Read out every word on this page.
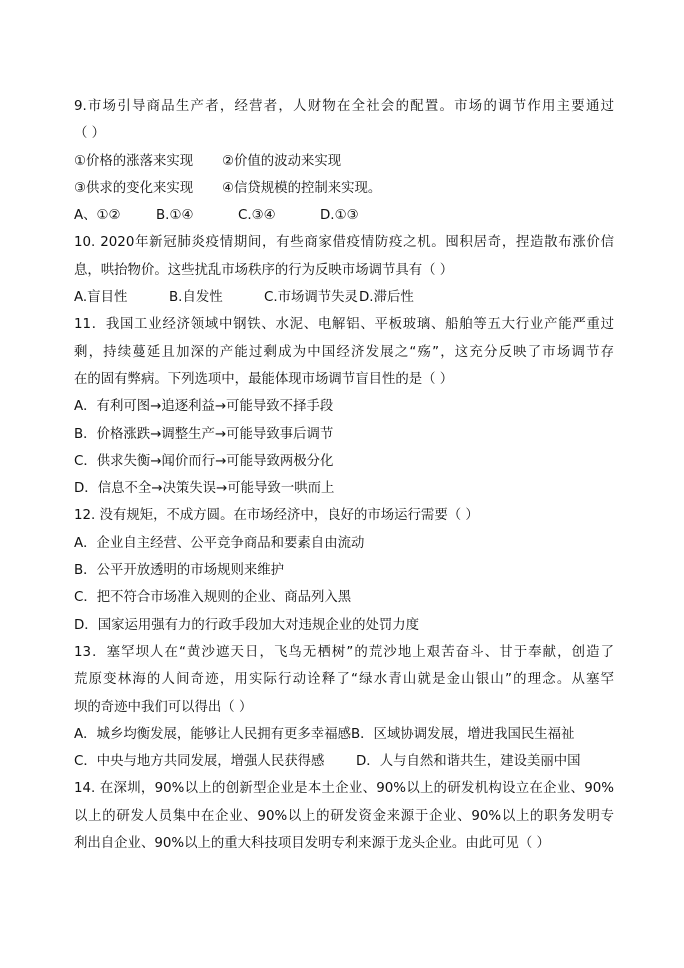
9.市场引导商品生产者，经营者，人财物在全社会的配置。市场的调节作用主要通过
（ ）
①价格的涨落来实现 ②价值的波动来实现
③供求的变化来实现 ④信贷规模的控制来实现。
A、①②	B.①④	C.③④	D.①③
10. 2020年新冠肺炎疫情期间，有些商家借疫情防疫之机。囤积居奇，捏造散布涨价信
息，哄抬物价。这些扰乱市场秩序的行为反映市场调节具有（ ）
A.盲目性	B.自发性	C.市场调节失灵D.滞后性
11．我国工业经济领域中钢铁、水泥、电解铝、平板玻璃、船舶等五大行业产能严重过
剩，持续蔓延且加深的产能过剩成为中国经济发展之“殇”，这充分反映了市场调节存
在的固有弊病。下列选项中，最能体现市场调节盲目性的是（ ）
A．有利可图→追逐利益→可能导致不择手段
B．价格涨跌→调整生产→可能导致事后调节
C．供求失衡→闻价而行→可能导致两极分化
D．信息不全→决策失误→可能导致一哄而上
12. 没有规矩，不成方圆。在市场经济中，良好的市场运行需要（ ）
A．企业自主经营、公平竞争商品和要素自由流动
B．公平开放透明的市场规则来维护
C．把不符合市场准入规则的企业、商品列入黑
D．国家运用强有力的行政手段加大对违规企业的处罚力度
13．塞罕坝人在“黄沙遮天日，飞鸟无栖树”的荒沙地上艰苦奋斗、甘于奉献，创造了
荒原变林海的人间奇迹，用实际行动诠释了“绿水青山就是金山银山”的理念。从塞罕
坝的奇迹中我们可以得出（ ）
A．城乡均衡发展，能够让人民拥有更多幸福感B．区域协调发展，增进我国民生福祉
C．中央与地方共同发展，增强人民获得感 D．人与自然和谐共生，建设美丽中国
14. 在深圳，90%以上的创新型企业是本土企业、90%以上的研发机构设立在企业、90%
以上的研发人员集中在企业、90%以上的研发资金来源于企业、90%以上的职务发明专
利出自企业、90%以上的重大科技项目发明专利来源于龙头企业。由此可见（ ）
